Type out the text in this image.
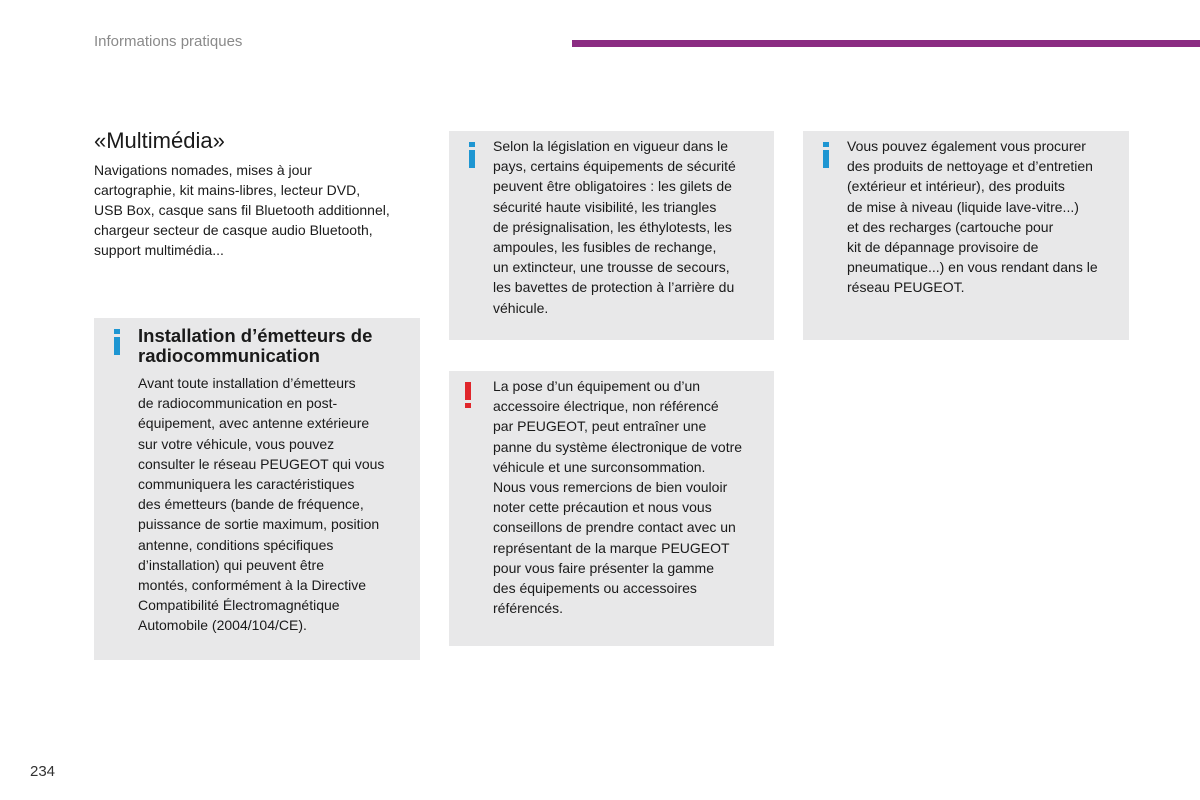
Informations pratiques
«Multimédia»
Navigations nomades, mises à jour
cartographie, kit mains-libres, lecteur DVD,
USB Box, casque sans fil Bluetooth additionnel,
chargeur secteur de casque audio Bluetooth,
support multimédia...
Installation d’émetteurs de
radiocommunication
Avant toute installation d’émetteurs
de radiocommunication en post-
équipement, avec antenne extérieure
sur votre véhicule, vous pouvez
consulter le réseau PEUGEOT qui vous
communiquera les caractéristiques
des émetteurs (bande de fréquence,
puissance de sortie maximum, position
antenne, conditions spécifiques
d’installation) qui peuvent être
montés, conformément à la Directive
Compatibilité Électromagnétique
Automobile (2004/104/CE).
Selon la législation en vigueur dans le
pays, certains équipements de sécurité
peuvent être obligatoires : les gilets de
sécurité haute visibilité, les triangles
de présignalisation, les éthylotests, les
ampoules, les fusibles de rechange,
un extincteur, une trousse de secours,
les bavettes de protection à l’arrière du
véhicule.
La pose d’un équipement ou d’un
accessoire électrique, non référencé
par PEUGEOT, peut entraîner une
panne du système électronique de votre
véhicule et une surconsommation.
Nous vous remercions de bien vouloir
noter cette précaution et nous vous
conseillons de prendre contact avec un
représentant de la marque PEUGEOT
pour vous faire présenter la gamme
des équipements ou accessoires
référencés.
Vous pouvez également vous procurer
des produits de nettoyage et d’entretien
(extérieur et intérieur), des produits
de mise à niveau (liquide lave-vitre...)
et des recharges (cartouche pour
kit de dépannage provisoire de
pneumatique...) en vous rendant dans le
réseau PEUGEOT.
234
